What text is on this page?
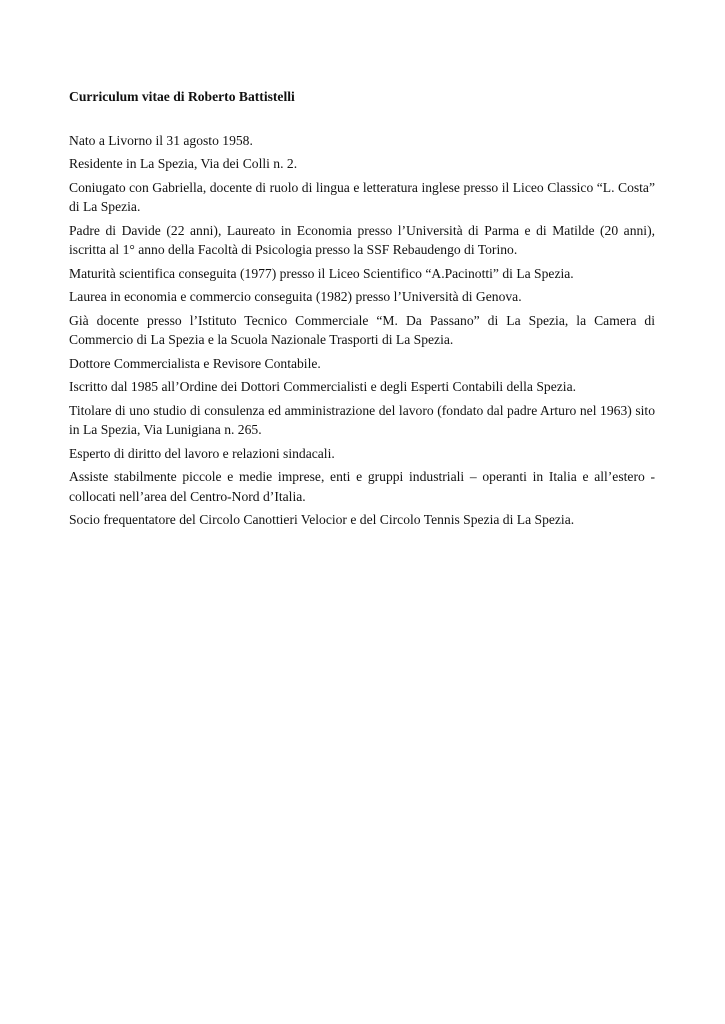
Curriculum vitae di Roberto Battistelli

Nato a Livorno il 31 agosto 1958.

Residente in La Spezia, Via dei Colli n. 2.

Coniugato con Gabriella, docente di ruolo di lingua e letteratura inglese presso il Liceo Classico “L. Costa” di La Spezia.

Padre di Davide (22 anni), Laureato in Economia presso l’Università di Parma e di Matilde (20 anni), iscritta al 1° anno della Facoltà di Psicologia presso la SSF Rebaudengo di Torino.

Maturità scientifica conseguita (1977) presso il Liceo Scientifico “A.Pacinotti” di La Spezia.

Laurea in economia e commercio conseguita (1982) presso l’Università di Genova.

Già docente presso l’Istituto Tecnico Commerciale “M. Da Passano” di La Spezia, la Camera di Commercio di La Spezia e la Scuola Nazionale Trasporti di La Spezia.

Dottore Commercialista e Revisore Contabile.

Iscritto dal 1985 all’Ordine dei Dottori Commercialisti e degli Esperti Contabili della Spezia.

Titolare di uno studio di consulenza ed amministrazione del lavoro (fondato dal padre Arturo nel 1963) sito in La Spezia, Via Lunigiana n. 265.

Esperto di diritto del lavoro e relazioni sindacali.

Assiste stabilmente piccole e medie imprese, enti e gruppi industriali – operanti in Italia e all’estero - collocati nell’area del Centro-Nord d’Italia.

Socio frequentatore del Circolo Canottieri Velocior e del Circolo Tennis Spezia di La Spezia.
